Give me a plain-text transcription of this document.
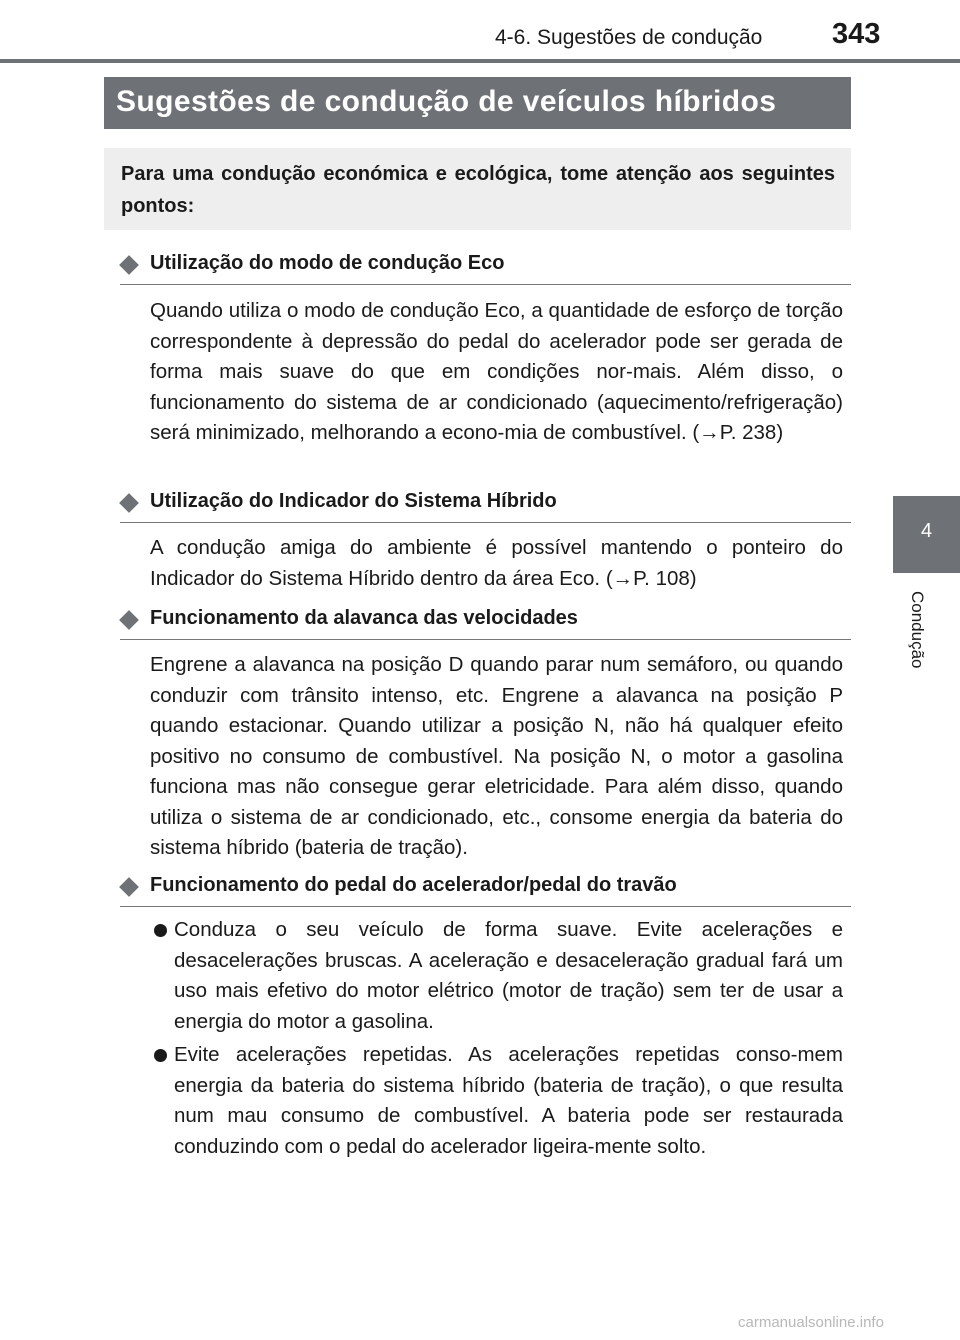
4-6. Sugestões de condução 343
4
Condução
Sugestões de condução de veículos híbridos
Para uma condução económica e ecológica, tome atenção aos seguintes pontos:
Utilização do modo de condução Eco
Quando utiliza o modo de condução Eco, a quantidade de esforço de torção correspondente à depressão do pedal do acelerador pode ser gerada de forma mais suave do que em condições nor-mais. Além disso, o funcionamento do sistema de ar condicionado (aquecimento/refrigeração) será minimizado, melhorando a econo-mia de combustível. (→P. 238)
Utilização do Indicador do Sistema Híbrido
A condução amiga do ambiente é possível mantendo o ponteiro do Indicador do Sistema Híbrido dentro da área Eco. (→P. 108)
Funcionamento da alavanca das velocidades
Engrene a alavanca na posição D quando parar num semáforo, ou quando conduzir com trânsito intenso, etc. Engrene a alavanca na posição P quando estacionar. Quando utilizar a posição N, não há qualquer efeito positivo no consumo de combustível. Na posição N, o motor a gasolina funciona mas não consegue gerar eletricidade. Para além disso, quando utiliza o sistema de ar condicionado, etc., consome energia da bateria do sistema híbrido (bateria de tração).
Funcionamento do pedal do acelerador/pedal do travão
Conduza o seu veículo de forma suave. Evite acelerações e desacelerações bruscas. A aceleração e desaceleração gradual fará um uso mais efetivo do motor elétrico (motor de tração) sem ter de usar a energia do motor a gasolina.
Evite acelerações repetidas. As acelerações repetidas conso-mem energia da bateria do sistema híbrido (bateria de tração), o que resulta num mau consumo de combustível. A bateria pode ser restaurada conduzindo com o pedal do acelerador ligeira-mente solto.
carmanualsonline.info
